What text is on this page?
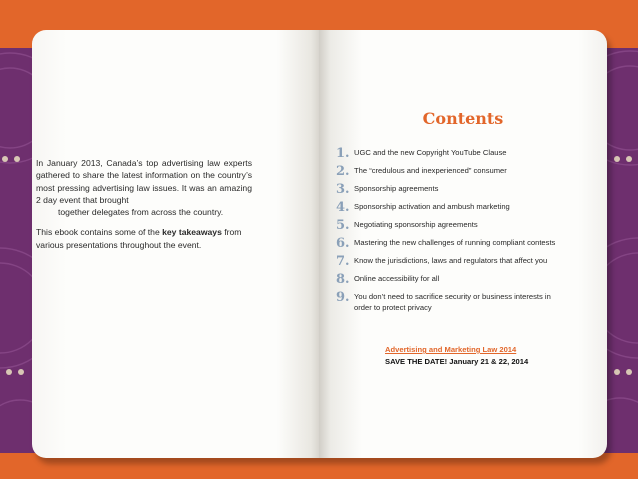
Contents

In January 2013, Canada’s top advertising law experts gathered to share the latest information on the country’s most pressing advertising law issues. It was an amazing 2 day event that brought
together delegates from across the country.

This ebook contains some of the key takeaways from various presentations throughout the event.

1. UGC and the new Copyright YouTube Clause
2. The “credulous and inexperienced” consumer
3. Sponsorship agreements
4. Sponsorship activation and ambush marketing
5. Negotiating sponsorship agreements
6. Mastering the new challenges of running compliant contests
7. Know the jurisdictions, laws and regulators that affect you
8. Online accessibility for all
9. You don’t need to sacrifice security or business interests in order to protect privacy
Advertising and Marketing Law 2014
SAVE THE DATE! January 21 & 22, 2014
